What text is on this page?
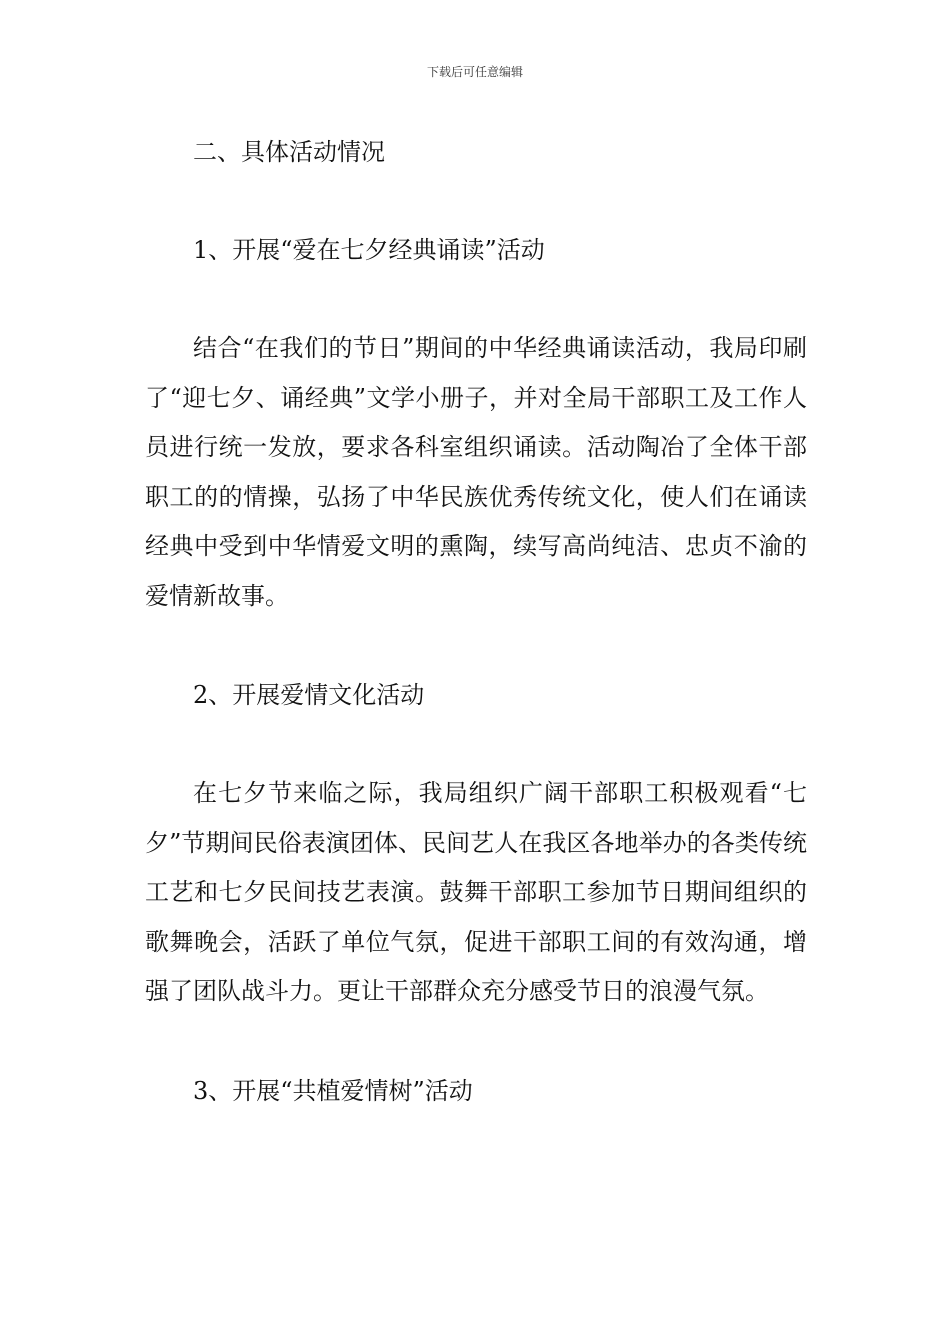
下载后可任意编辑
二、具体活动情况
1、开展“爱在七夕经典诵读”活动

结合“在我们的节日”期间的中华经典诵读活动，我局印刷了“迎七夕、诵经典”文学小册子，并对全局干部职工及工作人员进行统一发放，要求各科室组织诵读。活动陶冶了全体干部职工的的情操，弘扬了中华民族优秀传统文化，使人们在诵读经典中受到中华情爱文明的熏陶，续写高尚纯洁、忠贞不渝的爱情新故事。

2、开展爱情文化活动

在七夕节来临之际，我局组织广阔干部职工积极观看“七夕”节期间民俗表演团体、民间艺人在我区各地举办的各类传统工艺和七夕民间技艺表演。鼓舞干部职工参加节日期间组织的歌舞晚会，活跃了单位气氛，促进干部职工间的有效沟通，增强了团队战斗力。更让干部群众充分感受节日的浪漫气氛。

3、开展“共植爱情树”活动
